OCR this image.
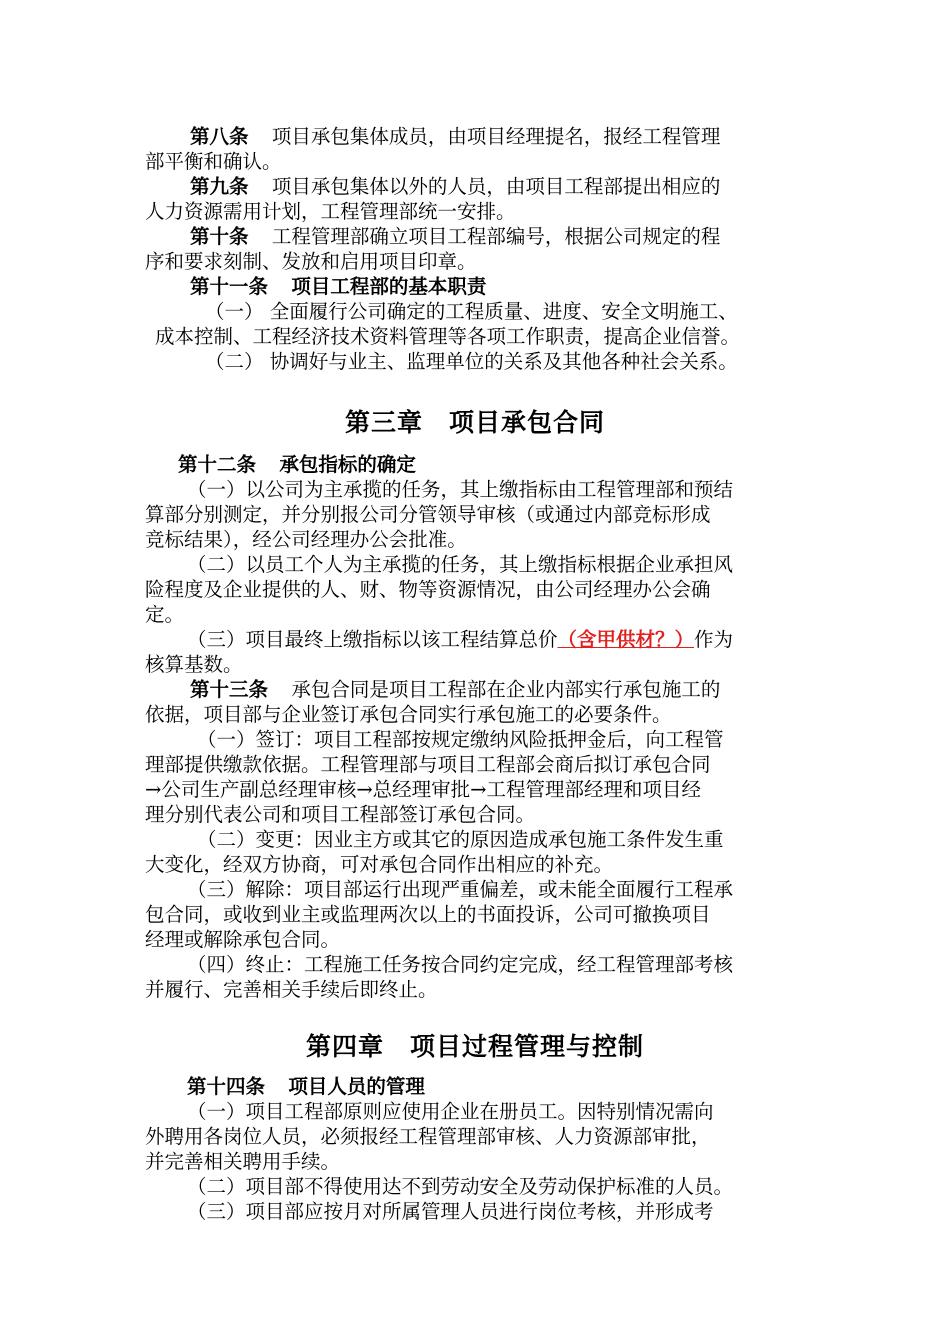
第八条 项目承包集体成员，由项目经理提名，报经工程管理
部平衡和确认。
第九条 项目承包集体以外的人员，由项目工程部提出相应的
人力资源需用计划，工程管理部统一安排。
第十条 工程管理部确立项目工程部编号，根据公司规定的程
序和要求刻制、发放和启用项目印章。
第十一条 项目工程部的基本职责
（一） 全面履行公司确定的工程质量、进度、安全文明施工、
成本控制、工程经济技术资料管理等各项工作职责，提高企业信誉。
（二） 协调好与业主、监理单位的关系及其他各种社会关系。
第三章　项目承包合同
第十二条 承包指标的确定
（一）以公司为主承揽的任务，其上缴指标由工程管理部和预结
算部分别测定，并分别报公司分管领导审核（或通过内部竞标形成
竞标结果），经公司经理办公会批准。
（二）以员工个人为主承揽的任务，其上缴指标根据企业承担风
险程度及企业提供的人、财、物等资源情况，由公司经理办公会确
定。
（三）项目最终上缴指标以该工程结算总价（含甲供材？）作为
核算基数。
第十三条 承包合同是项目工程部在企业内部实行承包施工的
依据，项目部与企业签订承包合同实行承包施工的必要条件。
（一）签订：项目工程部按规定缴纳风险抵押金后，向工程管
理部提供缴款依据。工程管理部与项目工程部会商后拟订承包合同
→公司生产副总经理审核→总经理审批→工程管理部经理和项目经
理分别代表公司和项目工程部签订承包合同。
（二）变更：因业主方或其它的原因造成承包施工条件发生重
大变化，经双方协商，可对承包合同作出相应的补充。
（三）解除：项目部运行出现严重偏差，或未能全面履行工程承
包合同，或收到业主或监理两次以上的书面投诉，公司可撤换项目
经理或解除承包合同。
（四）终止：工程施工任务按合同约定完成，经工程管理部考核
并履行、完善相关手续后即终止。
第四章　项目过程管理与控制
第十四条 项目人员的管理
（一）项目工程部原则应使用企业在册员工。因特别情况需向
外聘用各岗位人员，必须报经工程管理部审核、人力资源部审批，
并完善相关聘用手续。
（二）项目部不得使用达不到劳动安全及劳动保护标准的人员。
（三）项目部应按月对所属管理人员进行岗位考核，并形成考
